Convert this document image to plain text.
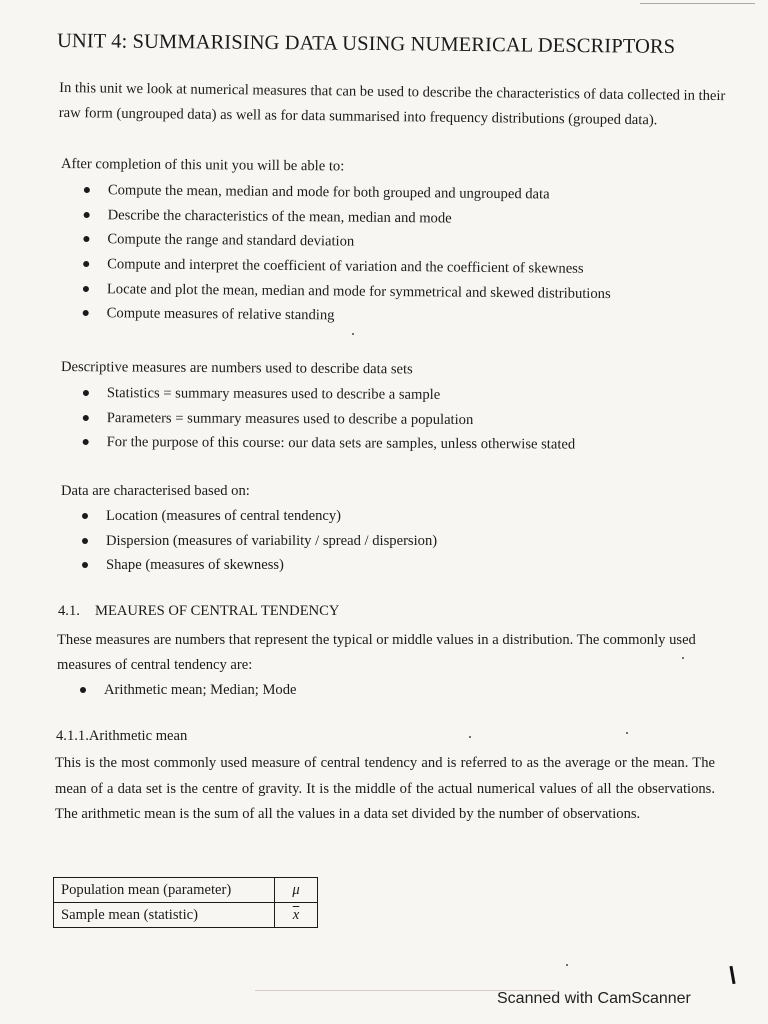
UNIT 4: SUMMARISING DATA USING NUMERICAL DESCRIPTORS
In this unit we look at numerical measures that can be used to describe the characteristics of data collected in their raw form (ungrouped data) as well as for data summarised into frequency distributions (grouped data).
After completion of this unit you will be able to:
Compute the mean, median and mode for both grouped and ungrouped data
Describe the characteristics of the mean, median and mode
Compute the range and standard deviation
Compute and interpret the coefficient of variation and the coefficient of skewness
Locate and plot the mean, median and mode for symmetrical and skewed distributions
Compute measures of relative standing
Descriptive measures are numbers used to describe data sets
Statistics = summary measures used to describe a sample
Parameters = summary measures used to describe a population
For the purpose of this course: our data sets are samples, unless otherwise stated
Data are characterised based on:
Location (measures of central tendency)
Dispersion (measures of variability / spread / dispersion)
Shape (measures of skewness)
4.1. MEAURES OF CENTRAL TENDENCY
These measures are numbers that represent the typical or middle values in a distribution. The commonly used measures of central tendency are:
Arithmetic mean; Median; Mode
4.1.1.Arithmetic mean
This is the most commonly used measure of central tendency and is referred to as the average or the mean. The mean of a data set is the centre of gravity. It is the middle of the actual numerical values of all the observations. The arithmetic mean is the sum of all the values in a data set divided by the number of observations.
Population mean (parameter)	μ
Sample mean (statistic)	$\overline{x}$
Scanned with CamScanner
